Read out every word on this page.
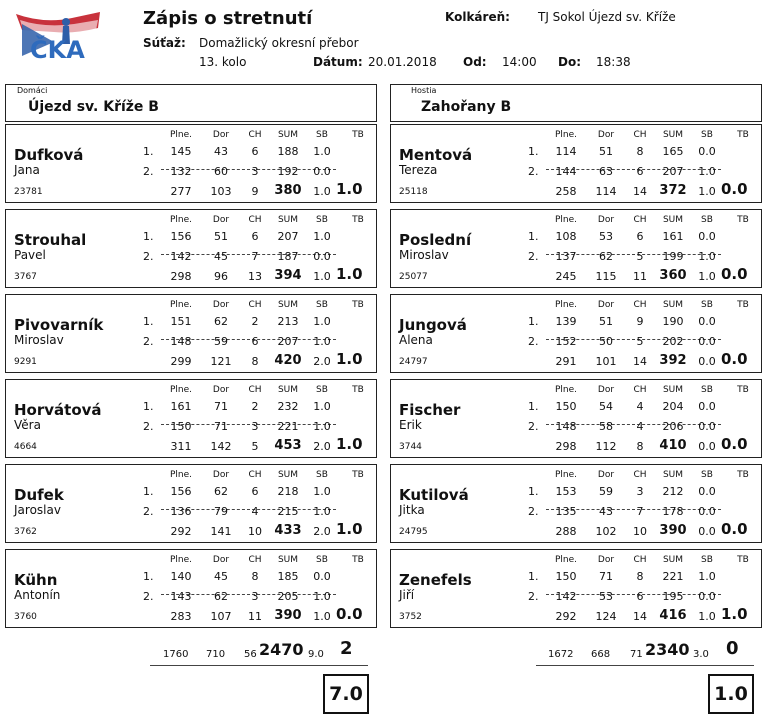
ČKA
Zápis o stretnutí	Kolkáreň: TJ Sokol Újezd sv. Kříže
Súťaž: Domažlický okresní přebor
13. kolo	Dátum: 20.01.2018 Od: 14:00 Do: 18:38
Domáci
Újezd sv. Kříže B
Hostia
Zahořany B
Plne.	Dor	CH	SUM	SB	TB
Dufková
Jana
23781
1.
2.
145	43	6	188	1.0
132	60	3	192	0.0
277	103	9	380	1.0 1.0
Plne.	Dor	CH	SUM	SB	TB
Strouhal
Pavel
3767
1.
2.
156	51	6	207	1.0
142	45	7	187	0.0
298	96	13 394	1.0 1.0
Plne.	Dor	CH	SUM	SB	TB
Pivovarník
Miroslav
9291
1.
2.
151	62	2	213	1.0
148	59	6	207	1.0
299	121	8	420	2.0 1.0
Plne.	Dor	CH	SUM	SB	TB
Horvátová
Věra
4664
1.
2.
161	71	2	232	1.0
150	71	3	221	1.0
311	142	5	453	2.0 1.0
Plne.	Dor	CH	SUM	SB	TB
Dufek
Jaroslav
3762
1.
2.
156	62	6	218	1.0
136	79	4	215	1.0
292	141	10 433	2.0 1.0
Plne.	Dor	CH	SUM	SB	TB
Kühn
Antonín
3760
1.
2.
140	45	8	185	0.0
143	62	3	205	1.0
283	107	11 390	1.0 0.0
Plne.	Dor	CH	SUM	SB	TB
Mentová
Tereza
25118
1.
2.
114	51	8	165	0.0
144	63	6	207	1.0
258	114	14 372	1.0 0.0
Plne.	Dor	CH	SUM	SB	TB
Poslední
Miroslav
25077
1.
2.
108	53	6	161	0.0
137	62	5	199	1.0
245	115	11 360	1.0 0.0
Plne.	Dor	CH	SUM	SB	TB
Jungová
Alena
24797
1.
2.
139	51	9	190	0.0
152	50	5	202	0.0
291	101	14 392	0.0 0.0
Plne.	Dor	CH	SUM	SB	TB
Fischer
Erik
3744
1.
2.
150	54	4	204	0.0
148	58	4	206	0.0
298	112	8	410	0.0 0.0
Plne.	Dor	CH	SUM	SB	TB
Kutilová
Jitka
24795
1.
2.
153	59	3	212	0.0
135	43	7	178	0.0
288	102	10 390	0.0 0.0
Plne.	Dor	CH	SUM	SB	TB
Zenefels
Jiří
3752
1.
2.
150	71	8	221	1.0
142	53	6	195	0.0
292	124	14 416	1.0 1.0
1760 710 56 2470 9.0 2
7.0
1672 668 71 2340 3.0 0
1.0
